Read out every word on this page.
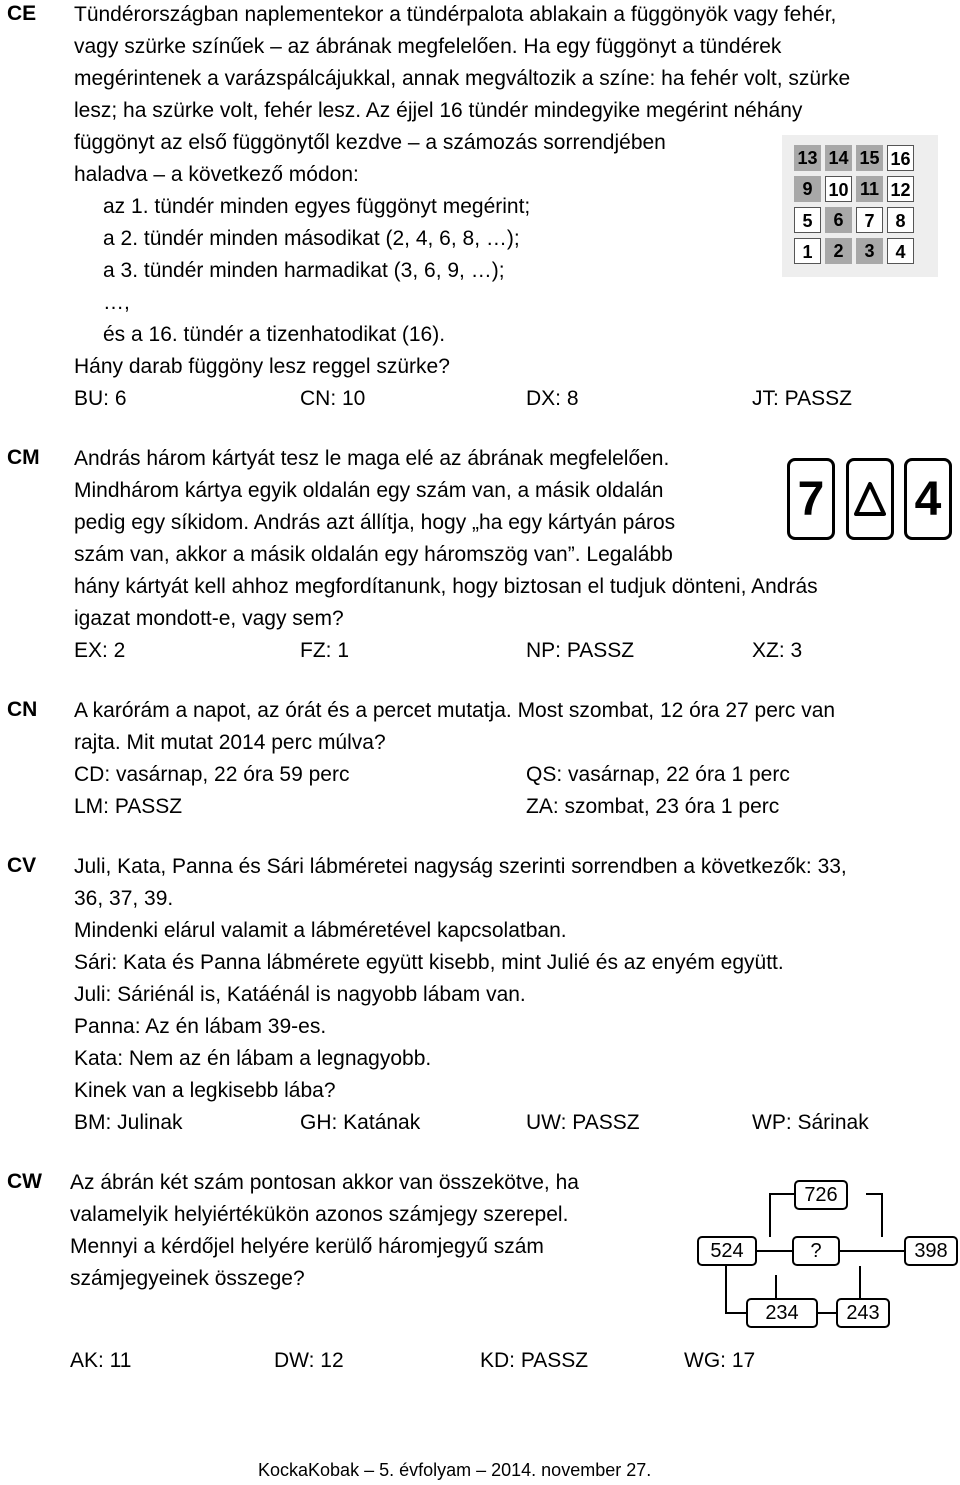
CE Tündérországban naplementekor a tündérpalota ablakain a függönyök vagy fehér,
vagy szürke színűek – az ábrának megfelelően. Ha egy függönyt a tündérek
megérintenek a varázspálcájukkal, annak megváltozik a színe: ha fehér volt, szürke
lesz; ha szürke volt, fehér lesz. Az éjjel 16 tündér mindegyike megérint néhány
függönyt az első függönytől kezdve – a számozás sorrendjében
haladva – a következő módon:
az 1. tündér minden egyes függönyt megérint;
a 2. tündér minden másodikat (2, 4, 6, 8, …);
a 3. tündér minden harmadikat (3, 6, 9, …);
…,
és a 16. tündér a tizenhatodikat (16).
Hány darab függöny lesz reggel szürke?
BU: 6	CN: 10	DX: 8	JT: PASSZ
13 14 15 16
9 10 11 12
5	6	7	8
1	2	3	4
CM András három kártyát tesz le maga elé az ábrának megfelelően.
Mindhárom kártya egyik oldalán egy szám van, a másik oldalán
pedig egy síkidom. András azt állítja, hogy „ha egy kártyán páros
szám van, akkor a másik oldalán egy háromszög van”. Legalább
hány kártyát kell ahhoz megfordítanunk, hogy biztosan el tudjuk dönteni, András
igazat mondott-e, vagy sem?
EX: 2	FZ: 1	NP: PASSZ	XZ: 3
7 4
CN A karórám a napot, az órát és a percet mutatja. Most szombat, 12 óra 27 perc van
rajta. Mit mutat 2014 perc múlva?
CD: vasárnap, 22 óra 59 perc	QS: vasárnap, 22 óra 1 perc
LM: PASSZ	ZA: szombat, 23 óra 1 perc
CV Juli, Kata, Panna és Sári lábméretei nagyság szerinti sorrendben a következők: 33,
36, 37, 39.
Mindenki elárul valamit a lábméretével kapcsolatban.
Sári: Kata és Panna lábmérete együtt kisebb, mint Julié és az enyém együtt.
Juli: Sáriénál is, Katáénál is nagyobb lábam van.
Panna: Az én lábam 39-es.
Kata: Nem az én lábam a legnagyobb.
Kinek van a legkisebb lába?
BM: Julinak	GH: Katának	UW: PASSZ	WP: Sárinak
CW Az ábrán két szám pontosan akkor van összekötve, ha
valamelyik helyiértékükön azonos számjegy szerepel.
Mennyi a kérdőjel helyére kerülő háromjegyű szám
számjegyeinek összege?
AK: 11	DW: 12	KD: PASSZ	WG: 17
726
524	?	398
234	243
KockaKobak – 5. évfolyam – 2014. november 27.
